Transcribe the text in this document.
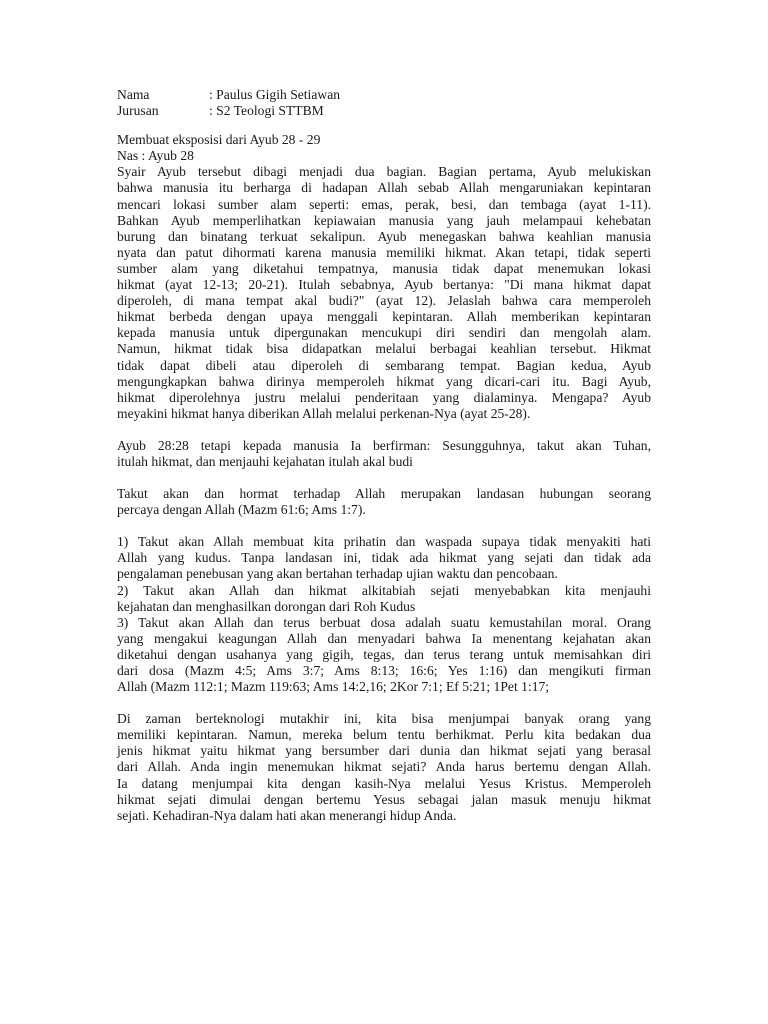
Nama	: Paulus Gigih Setiawan
Jurusan	: S2 Teologi STTBM
Membuat eksposisi dari Ayub 28 - 29
Nas : Ayub 28
Syair Ayub tersebut dibagi menjadi dua bagian. Bagian pertama, Ayub melukiskan
bahwa manusia itu berharga di hadapan Allah sebab Allah mengaruniakan kepintaran
mencari lokasi sumber alam seperti: emas, perak, besi, dan tembaga (ayat 1-11).
Bahkan Ayub memperlihatkan kepiawaian manusia yang jauh melampaui kehebatan
burung dan binatang terkuat sekalipun. Ayub menegaskan bahwa keahlian manusia
nyata dan patut dihormati karena manusia memiliki hikmat. Akan tetapi, tidak seperti
sumber alam yang diketahui tempatnya, manusia tidak dapat menemukan lokasi
hikmat (ayat 12-13; 20-21). Itulah sebabnya, Ayub bertanya: "Di mana hikmat dapat
diperoleh, di mana tempat akal budi?" (ayat 12). Jelaslah bahwa cara memperoleh
hikmat berbeda dengan upaya menggali kepintaran. Allah memberikan kepintaran
kepada manusia untuk dipergunakan mencukupi diri sendiri dan mengolah alam.
Namun, hikmat tidak bisa didapatkan melalui berbagai keahlian tersebut. Hikmat
tidak dapat dibeli atau diperoleh di sembarang tempat. Bagian kedua, Ayub
mengungkapkan bahwa dirinya memperoleh hikmat yang dicari-cari itu. Bagi Ayub,
hikmat diperolehnya justru melalui penderitaan yang dialaminya. Mengapa? Ayub
meyakini hikmat hanya diberikan Allah melalui perkenan-Nya (ayat 25-28).
Ayub 28:28 tetapi kepada manusia Ia berfirman: Sesungguhnya, takut akan Tuhan,
itulah hikmat, dan menjauhi kejahatan itulah akal budi
Takut akan dan hormat terhadap Allah merupakan landasan hubungan seorang
percaya dengan Allah (Mazm 61:6; Ams 1:7).
1) Takut akan Allah membuat kita prihatin dan waspada supaya tidak menyakiti hati
Allah yang kudus. Tanpa landasan ini, tidak ada hikmat yang sejati dan tidak ada
pengalaman penebusan yang akan bertahan terhadap ujian waktu dan pencobaan.
2) Takut akan Allah dan hikmat alkitabiah sejati menyebabkan kita menjauhi
kejahatan dan menghasilkan dorongan dari Roh Kudus
3) Takut akan Allah dan terus berbuat dosa adalah suatu kemustahilan moral. Orang
yang mengakui keagungan Allah dan menyadari bahwa Ia menentang kejahatan akan
diketahui dengan usahanya yang gigih, tegas, dan terus terang untuk memisahkan diri
dari dosa (Mazm 4:5; Ams 3:7; Ams 8:13; 16:6; Yes 1:16) dan mengikuti firman
Allah (Mazm 112:1; Mazm 119:63; Ams 14:2,16; 2Kor 7:1; Ef 5:21; 1Pet 1:17;
Di zaman berteknologi mutakhir ini, kita bisa menjumpai banyak orang yang
memiliki kepintaran. Namun, mereka belum tentu berhikmat. Perlu kita bedakan dua
jenis hikmat yaitu hikmat yang bersumber dari dunia dan hikmat sejati yang berasal
dari Allah. Anda ingin menemukan hikmat sejati? Anda harus bertemu dengan Allah.
Ia datang menjumpai kita dengan kasih-Nya melalui Yesus Kristus. Memperoleh
hikmat sejati dimulai dengan bertemu Yesus sebagai jalan masuk menuju hikmat
sejati. Kehadiran-Nya dalam hati akan menerangi hidup Anda.
